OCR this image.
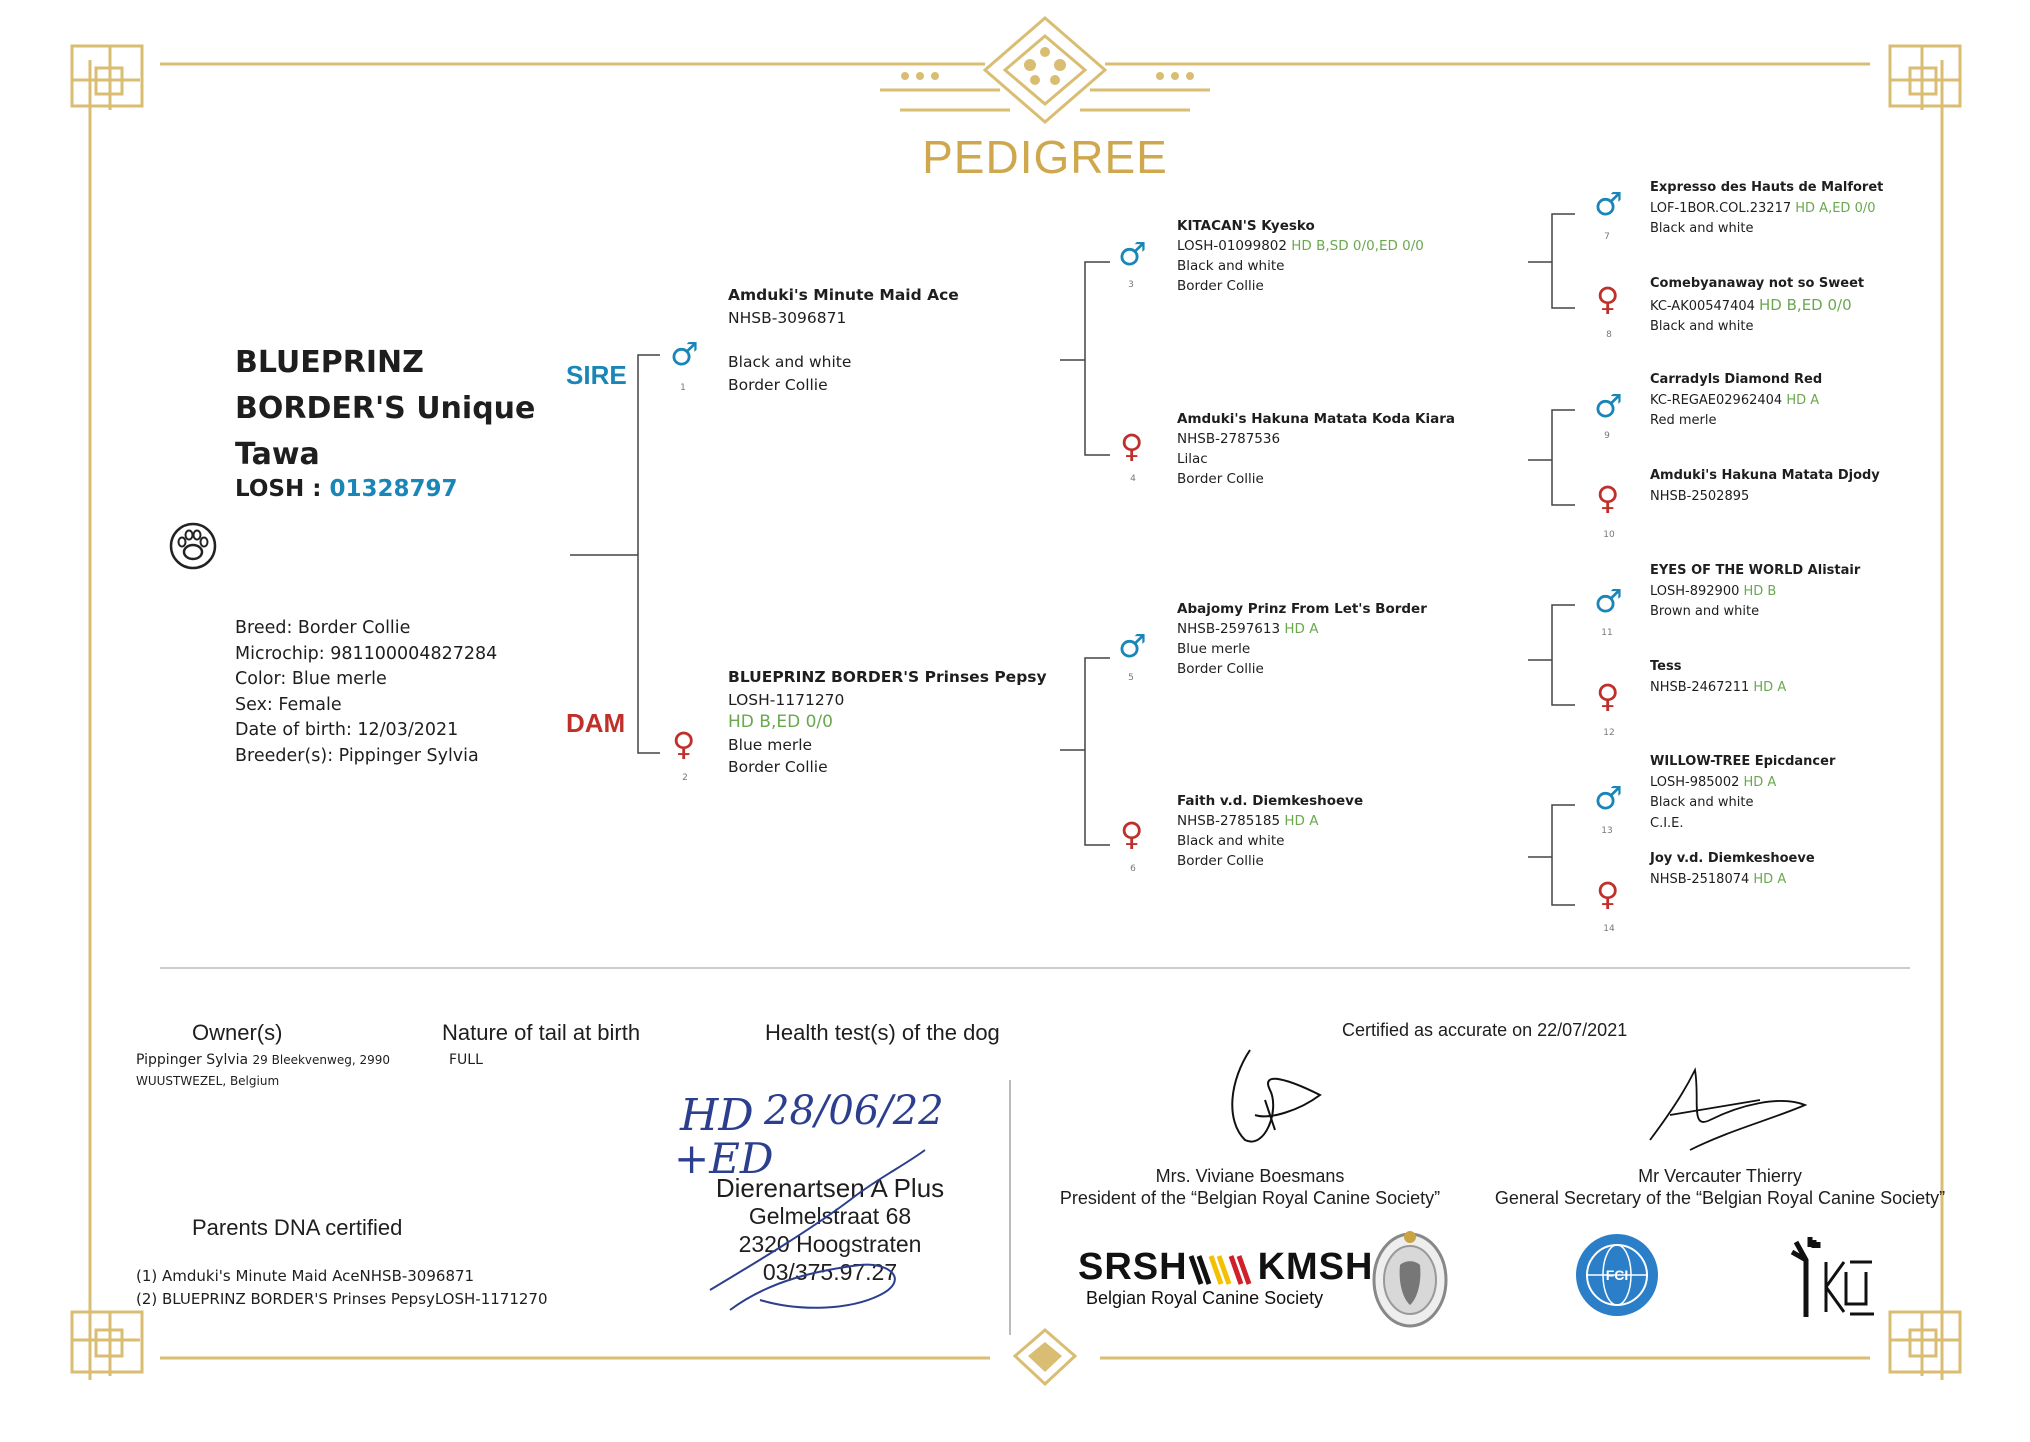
PEDIGREE
BLUEPRINZ BORDER'S Unique Tawa
LOSH : 01328797
Breed: Border Collie
Microchip: 981100004827284
Color: Blue merle
Sex: Female
Date of birth: 12/03/2021
Breeder(s): Pippinger Sylvia
SIRE
DAM
♂
1
Amduki's Minute Maid Ace
NHSB-3096871
Black and white
Border Collie
♀
2
BLUEPRINZ BORDER'S Prinses Pepsy
LOSH-1171270
HD B,ED 0/0
Blue merle
Border Collie
♂
3
KITACAN'S Kyesko
LOSH-01099802 HD B,SD 0/0,ED 0/0
Black and white
Border Collie
♀
4
Amduki's Hakuna Matata Koda Kiara
NHSB-2787536
Lilac
Border Collie
♂
5
Abajomy Prinz From Let's Border
NHSB-2597613 HD A
Blue merle
Border Collie
♀
6
Faith v.d. Diemkeshoeve
NHSB-2785185 HD A
Black and white
Border Collie
♂
7
Expresso des Hauts de Malforet
LOF-1BOR.COL.23217 HD A,ED 0/0
Black and white
♀
8
Comebyanaway not so Sweet
KC-AK00547404 HD B,ED 0/0
Black and white
♂
9
Carradyls Diamond Red
KC-REGAE02962404 HD A
Red merle
♀
10
Amduki's Hakuna Matata Djody
NHSB-2502895
♂
11
EYES OF THE WORLD Alistair
LOSH-892900 HD B
Brown and white
♀
12
Tess
NHSB-2467211 HD A
♂
13
WILLOW-TREE Epicdancer
LOSH-985002 HD A
Black and white
C.I.E.
♀
14
Joy v.d. Diemkeshoeve
NHSB-2518074 HD A
Owner(s)
Pippinger Sylvia 29 Bleekvenweg, 2990
WUUSTWEZEL, Belgium
Nature of tail at birth
FULL
Health test(s) of the dog
HD 28/06/22
+ED
Dierenartsen A Plus
Gelmelstraat 68
2320 Hoogstraten
03/375.97.27
Parents DNA certified
(1) Amduki's Minute Maid AceNHSB-3096871
(2) BLUEPRINZ BORDER'S Prinses PepsyLOSH-1171270
Certified as accurate on 22/07/2021
Mrs. Viviane Boesmans
President of the “Belgian Royal Canine Society”
Mr Vercauter Thierry
General Secretary of the “Belgian Royal Canine Society”
SRSH KMSH
Belgian Royal Canine Society
FCI
